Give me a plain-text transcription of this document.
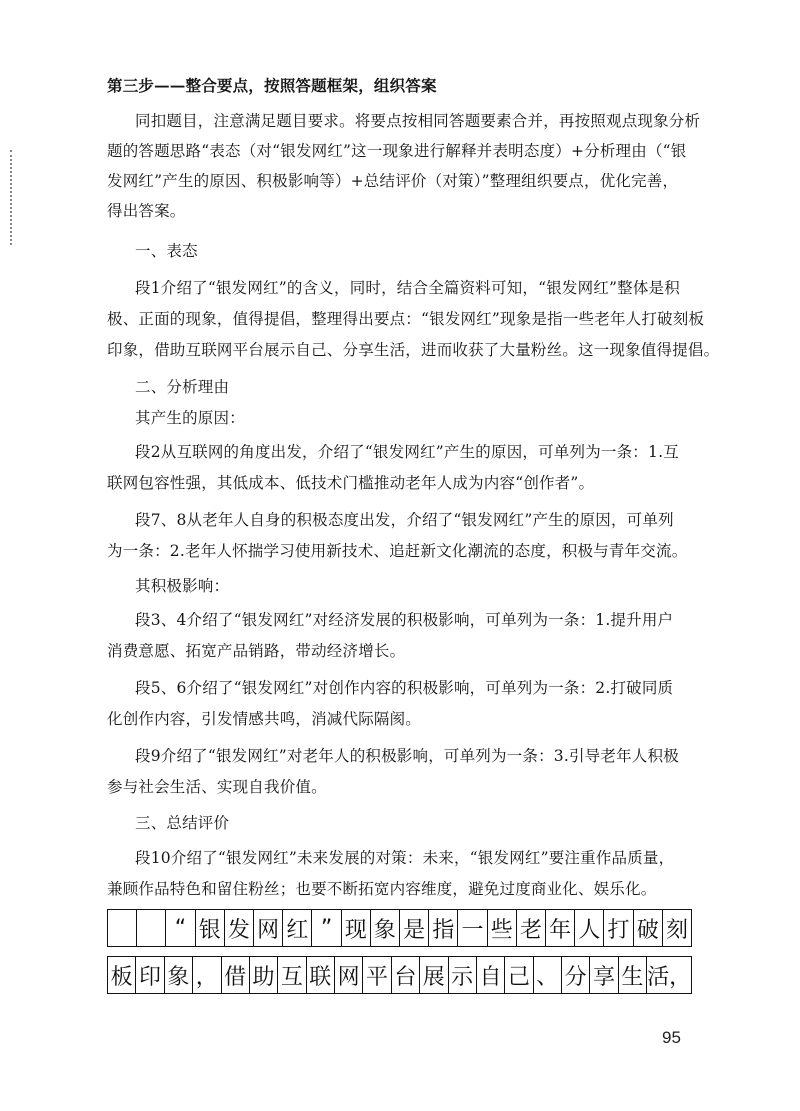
第三步——整合要点，按照答题框架，组织答案
同扣题目，注意满足题目要求。将要点按相同答题要素合并，再按照观点现象分析
题的答题思路“表态（对“银发网红”这一现象进行解释并表明态度）+分析理由（“银
发网红”产生的原因、积极影响等）+总结评价（对策）”整理组织要点，优化完善，
得出答案。
一、表态
段1介绍了“银发网红”的含义，同时，结合全篇资料可知，“银发网红”整体是积
极、正面的现象，值得提倡，整理得出要点：“银发网红”现象是指一些老年人打破刻板
印象，借助互联网平台展示自己、分享生活，进而收获了大量粉丝。这一现象值得提倡。
二、分析理由
其产生的原因：
段2从互联网的角度出发，介绍了“银发网红”产生的原因，可单列为一条：1.互
联网包容性强，其低成本、低技术门槛推动老年人成为内容“创作者”。
段7、8从老年人自身的积极态度出发，介绍了“银发网红”产生的原因，可单列
为一条：2.老年人怀揣学习使用新技术、追赶新文化潮流的态度，积极与青年交流。
其积极影响：
段3、4介绍了“银发网红”对经济发展的积极影响，可单列为一条：1.提升用户
消费意愿、拓宽产品销路，带动经济增长。
段5、6介绍了“银发网红”对创作内容的积极影响，可单列为一条：2.打破同质
化创作内容，引发情感共鸣，消减代际隔阂。
段9介绍了“银发网红”对老年人的积极影响，可单列为一条：3.引导老年人积极
参与社会生活、实现自我价值。
三、总结评价
段10介绍了“银发网红”未来发展的对策：未来，“银发网红”要注重作品质量，
兼顾作品特色和留住粉丝；也要不断拓宽内容维度，避免过度商业化、娱乐化。
“ 银 发 网 红 ” 现 象 是 指 一 些 老 年 人 打 破 刻
板 印 象 ， 借 助 互 联 网 平 台 展 示 自 己 、 分 享 生 活，
95
